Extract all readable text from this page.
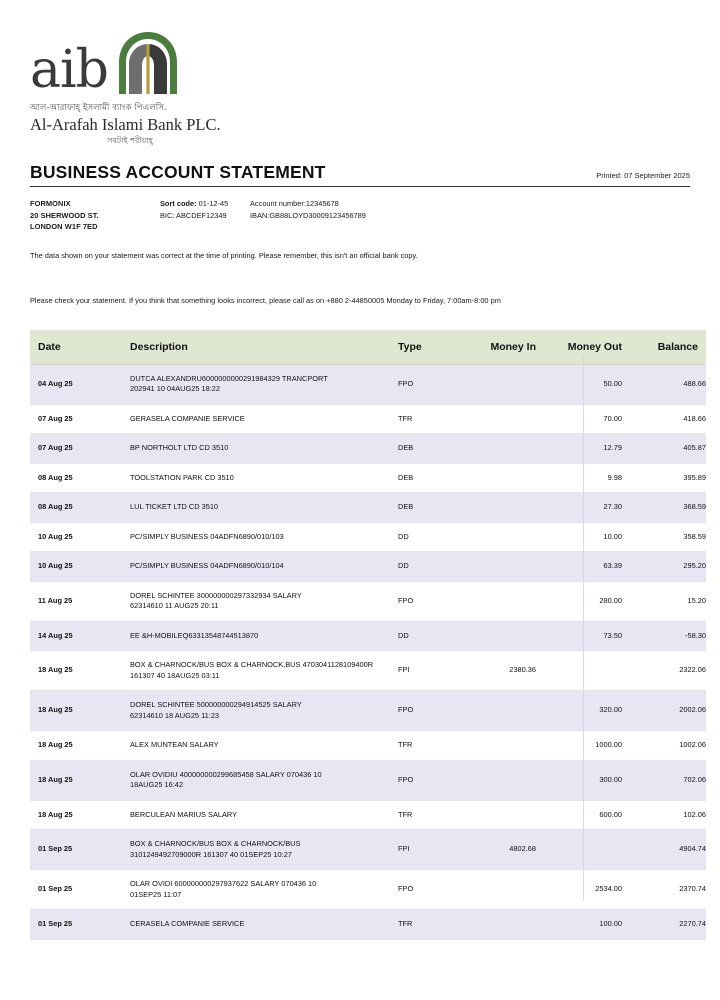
aib
আল-আরাফাহ্ ইসলামী ব্যাংক পিএলসি.
Al-Arafah Islami Bank PLC.
সবটাই শরীয়াহ্
BUSINESS ACCOUNT STATEMENT	Printed: 07 September 2025
FORMONIX
20 SHERWOOD ST.
LONDON W1F 7ED
Sort code: 01-12-45	Account number:12345678
BIC: ABCDEF12349	IBAN:GB88LOYD30009123456789
The data shown on your statement was correct at the time of printing. Please remember, this isn't an official bank copy.
Please check your statement. If you think that something looks incorrect, please call as on +880 2-44850005 Monday to Friday, 7:00am-8:00 pm
Date	Description	Type	Money In	Money Out	Balance
04 Aug 25	DUTCA ALEXANDRU6000000000291984329 TRANCPORT
202941 10 04AUG25 18:22	FPO		50.00	488.66
07 Aug 25	GERASELA COMPANIE SERVICE	TFR		70.00	418.66
07 Aug 25	BP NORTHOLT LTD CD 3510	DEB		12.79	405.87
08 Aug 25	TOOLSTATION PARK CD 3510	DEB		9.98	395.89
08 Aug 25	LUL TICKET LTD CD 3510	DEB		27.30	368.59
10 Aug 25	PC/SIMPLY BUSINESS 04ADFN6890/010/103	DD		10.00	358.59
10 Aug 25	PC/SIMPLY BUSINESS 04ADFN6890/010/104	DD		63.39	295.20
11 Aug 25	DOREL SCHINTEE 300000000297332934 SALARY
62314610 11 AUG25 20:11	FPO		280.00	15.20
14 Aug 25	EE &H-MOBILEQ63313548744513870	DD		73.50	-58.30
18 Aug 25	BOX & CHARNOCK/BUS BOX & CHARNOCK,BUS 4703041128109400R
161307 40 18AUG25 03:11	FPI	2380.36		2322.06
18 Aug 25	DOREL SCHINTEE 500000000294914525 SALARY
62314610 18 AUG25 11:23	FPO		320.00	2002.06
18 Aug 25	ALEX MUNTEAN SALARY	TFR		1000.00	1002.06
18 Aug 25	OLAR OVIDIU 400000000299685458 SALARY 070436 10
18AUG25 16:42	FPO		300.00	702.06
18 Aug 25	BERCULEAN MARIUS SALARY	TFR		600.00	102.06
01 Sep 25	BOX & CHARNOCK/BUS BOX & CHARNOCK/BUS
3101249492709000R 161307 40 01SEP25 10:27	FPI	4802.68		4904.74
01 Sep 25	OLAR OVIDI 600000000297937622 SALARY 070436 10
01SEP25 11:07	FPO		2534.00	2370.74
01 Sep 25	CERASELA COMPANIE SERVICE	TFR		100.00	2270.74
